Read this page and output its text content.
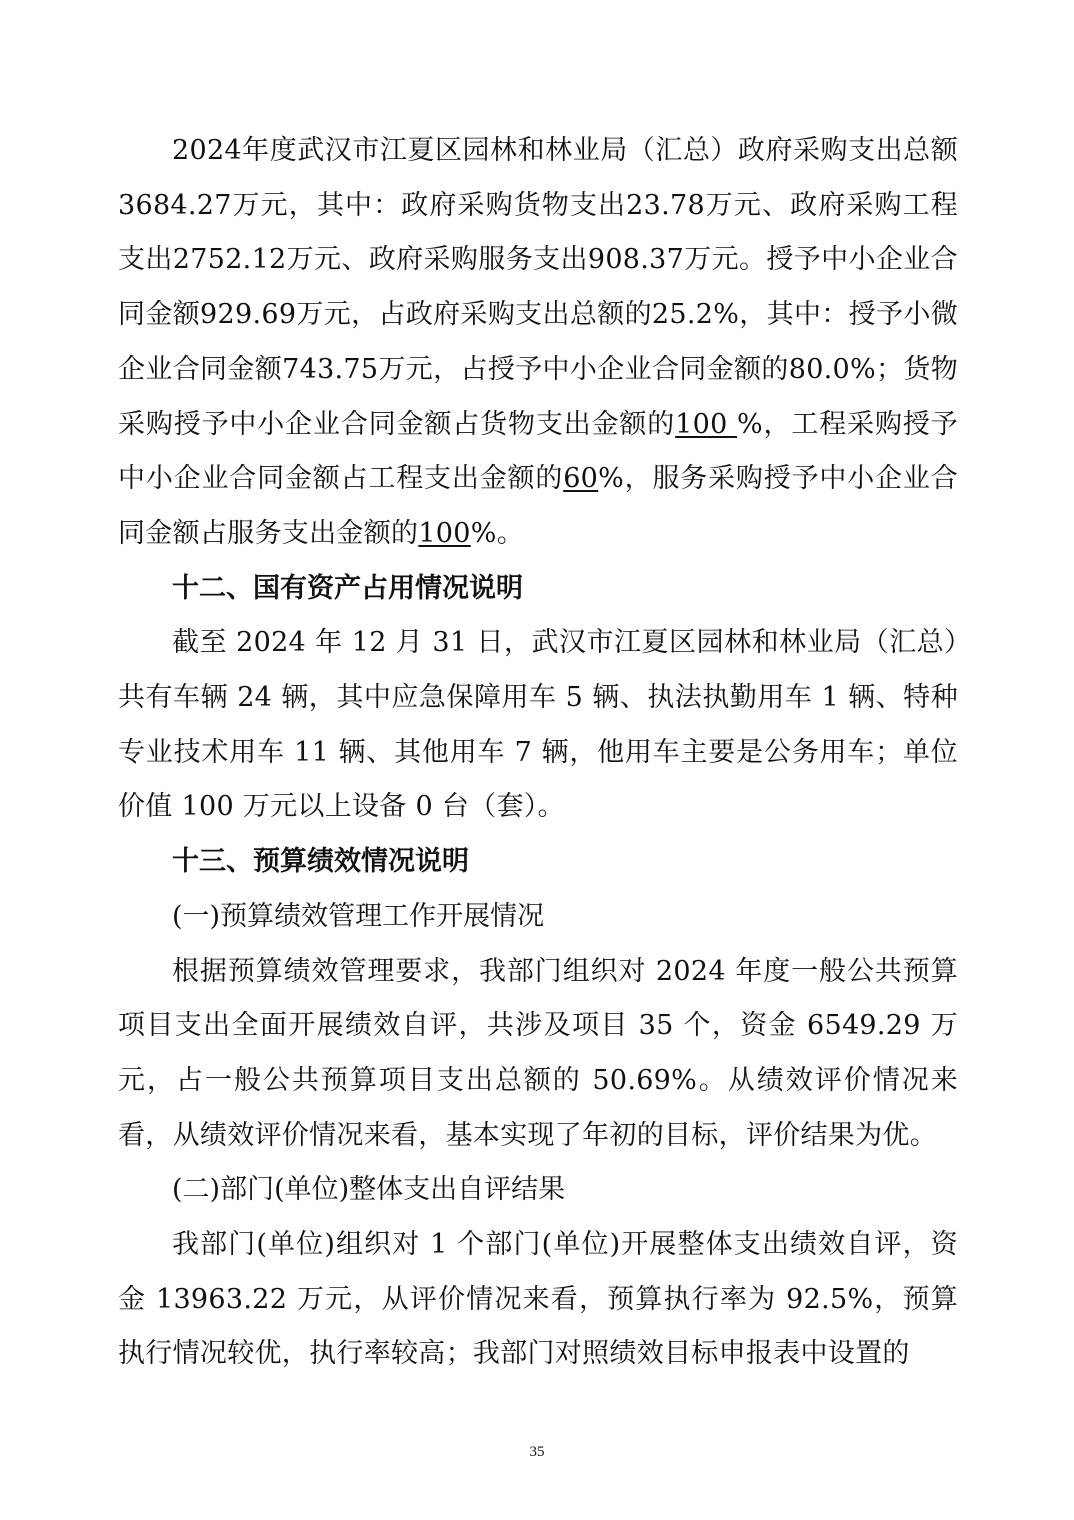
2024年度武汉市江夏区园林和林业局（汇总）政府采购支出总额3684.27万元，其中：政府采购货物支出23.78万元、政府采购工程支出2752.12万元、政府采购服务支出908.37万元。授予中小企业合同金额929.69万元，占政府采购支出总额的25.2%，其中：授予小微企业合同金额743.75万元，占授予中小企业合同金额的80.0%；货物采购授予中小企业合同金额占货物支出金额的100 %，工程采购授予中小企业合同金额占工程支出金额的60%，服务采购授予中小企业合同金额占服务支出金额的100%。

十二、国有资产占用情况说明

截至 2024 年 12 月 31 日，武汉市江夏区园林和林业局（汇总）共有车辆 24 辆，其中应急保障用车 5 辆、执法执勤用车 1 辆、特种专业技术用车 11 辆、其他用车 7 辆，他用车主要是公务用车；单位价值 100 万元以上设备 0 台（套）。

十三、预算绩效情况说明

(一)预算绩效管理工作开展情况

根据预算绩效管理要求，我部门组织对 2024 年度一般公共预算项目支出全面开展绩效自评，共涉及项目 35 个，资金 6549.29 万元，占一般公共预算项目支出总额的 50.69%。从绩效评价情况来看，从绩效评价情况来看，基本实现了年初的目标，评价结果为优。

(二)部门(单位)整体支出自评结果

我部门(单位)组织对 1 个部门(单位)开展整体支出绩效自评，资金 13963.22 万元，从评价情况来看，预算执行率为 92.5%，预算执行情况较优，执行率较高；我部门对照绩效目标申报表中设置的

35
